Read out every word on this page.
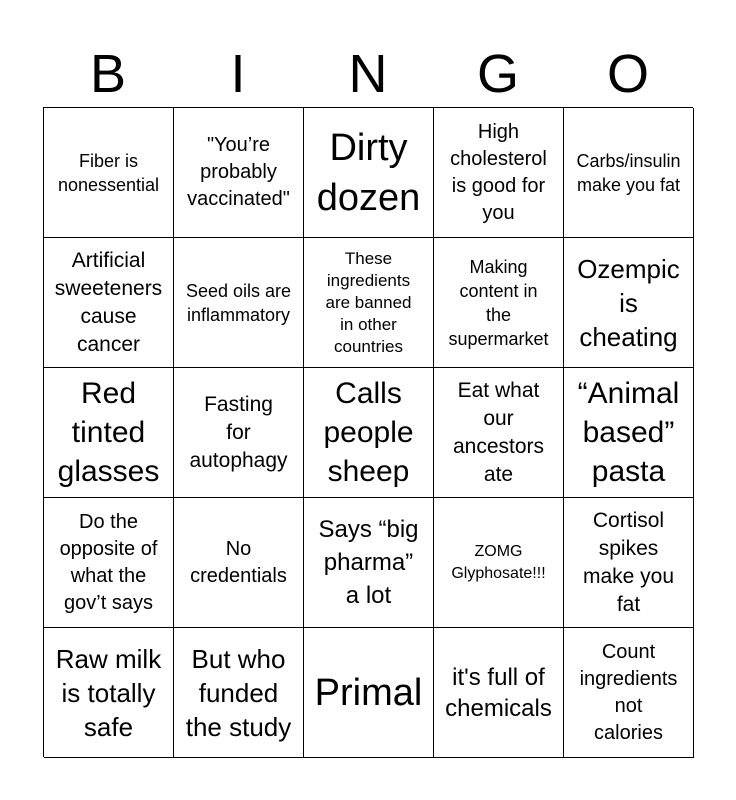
B	I	N	G	O
Fiber is
nonessential
"You’re
probably
vaccinated"
Dirty
dozen
High
cholesterol
is good for
you
Carbs/insulin
make you fat
Artificial
sweeteners
cause
cancer
Seed oils are
inflammatory
These
ingredients
are banned
in other
countries
Making
content in
the
supermarket
Ozempic
is
cheating
Red
tinted
glasses
Fasting
for
autophagy
Calls
people
sheep
Eat what
our
ancestors
ate
“Animal
based”
pasta
Do the
opposite of
what the
gov’t says
No
credentials
Says “big
pharma”
a lot
ZOMG
Glyphosate!!!
Cortisol
spikes
make you
fat
Raw milk
is totally
safe
But who
funded
the study
Primal it's full of
chemicals
Count
ingredients
not
calories
